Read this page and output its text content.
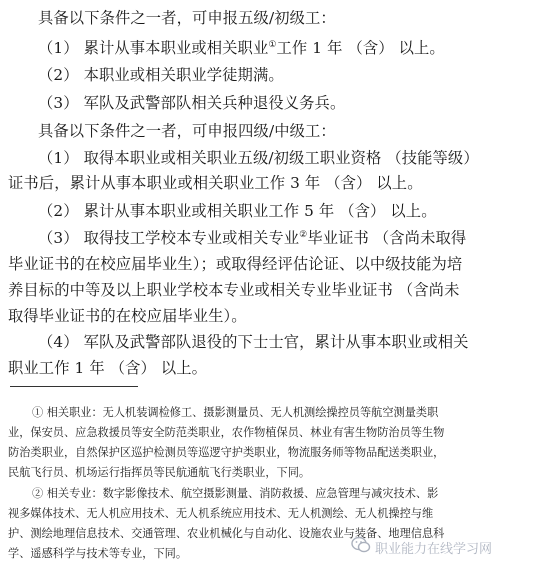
具备以下条件之一者，可申报五级/初级工：
（1） 累计从事本职业或相关职业①工作 1 年 （含） 以上。
（2） 本职业或相关职业学徒期满。
（3） 军队及武警部队相关兵种退役义务兵。
具备以下条件之一者，可申报四级/中级工：
（1） 取得本职业或相关职业五级/初级工职业资格 （技能等级）
证书后，累计从事本职业或相关职业工作 3 年 （含） 以上。
（2） 累计从事本职业或相关职业工作 5 年 （含） 以上。
（3） 取得技工学校本专业或相关专业②毕业证书 （含尚未取得
毕业证书的在校应届毕业生）；或取得经评估论证、以中级技能为培
养目标的中等及以上职业学校本专业或相关专业毕业证书 （含尚未
取得毕业证书的在校应届毕业生）。
（4） 军队及武警部队退役的下士士官，累计从事本职业或相关
职业工作 1 年 （含） 以上。
① 相关职业：无人机装调检修工、摄影测量员、无人机测绘操控员等航空测量类职
业，保安员、应急救援员等安全防范类职业，农作物植保员、林业有害生物防治员等生物
防治类职业，自然保护区巡护检测员等巡逻守护类职业，物流服务师等物品配送类职业，
民航飞行员、机场运行指挥员等民航通航飞行类职业，下同。
② 相关专业：数字影像技术、航空摄影测量、消防救援、应急管理与减灾技术、影
视多媒体技术、无人机应用技术、无人机系统应用技术、无人机测绘、无人机操控与维
护、测绘地理信息技术、交通管理、农业机械化与自动化、设施农业与装备、地理信息科
学、遥感科学与技术等专业，下同。	职业能力在线学习网
